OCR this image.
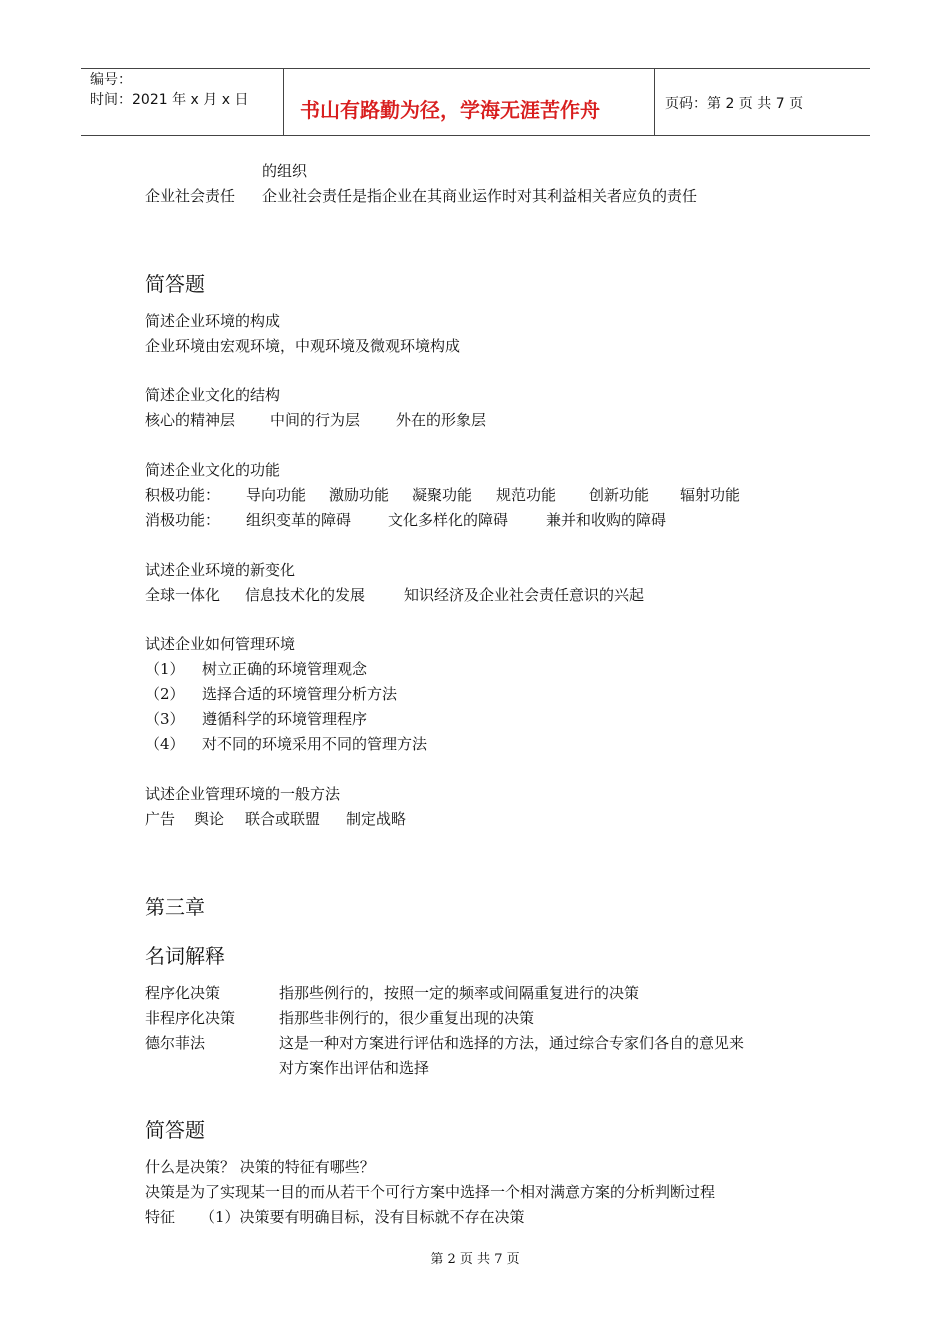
编号：
时间：2021 年 x 月 x 日	书山有路勤为径，学海无涯苦作舟	页码：第 2 页 共 7 页
的组织
企业社会责任 企业社会责任是指企业在其商业运作时对其利益相关者应负的责任
简答题
简述企业环境的构成
企业环境由宏观环境，中观环境及微观环境构成
简述企业文化的结构
核心的精神层 中间的行为层 外在的形象层
简述企业文化的功能
积极功能： 导向功能 激励功能 凝聚功能 规范功能 创新功能 辐射功能
消极功能： 组织变革的障碍 文化多样化的障碍	兼并和收购的障碍
试述企业环境的新变化
全球一体化 信息技术化的发展	知识经济及企业社会责任意识的兴起
试述企业如何管理环境
（1） 树立正确的环境管理观念
（2） 选择合适的环境管理分析方法
（3） 遵循科学的环境管理程序
（4） 对不同的环境采用不同的管理方法
试述企业管理环境的一般方法
广告 舆论 联合或联盟 制定战略
第三章
名词解释
程序化决策	指那些例行的，按照一定的频率或间隔重复进行的决策
非程序化决策	指那些非例行的，很少重复出现的决策
德尔菲法	这是一种对方案进行评估和选择的方法，通过综合专家们各自的意见来
对方案作出评估和选择
简答题
什么是决策？ 决策的特征有哪些？
决策是为了实现某一目的而从若干个可行方案中选择一个相对满意方案的分析判断过程
特征 （1）决策要有明确目标，没有目标就不存在决策
第 2 页 共 7 页
